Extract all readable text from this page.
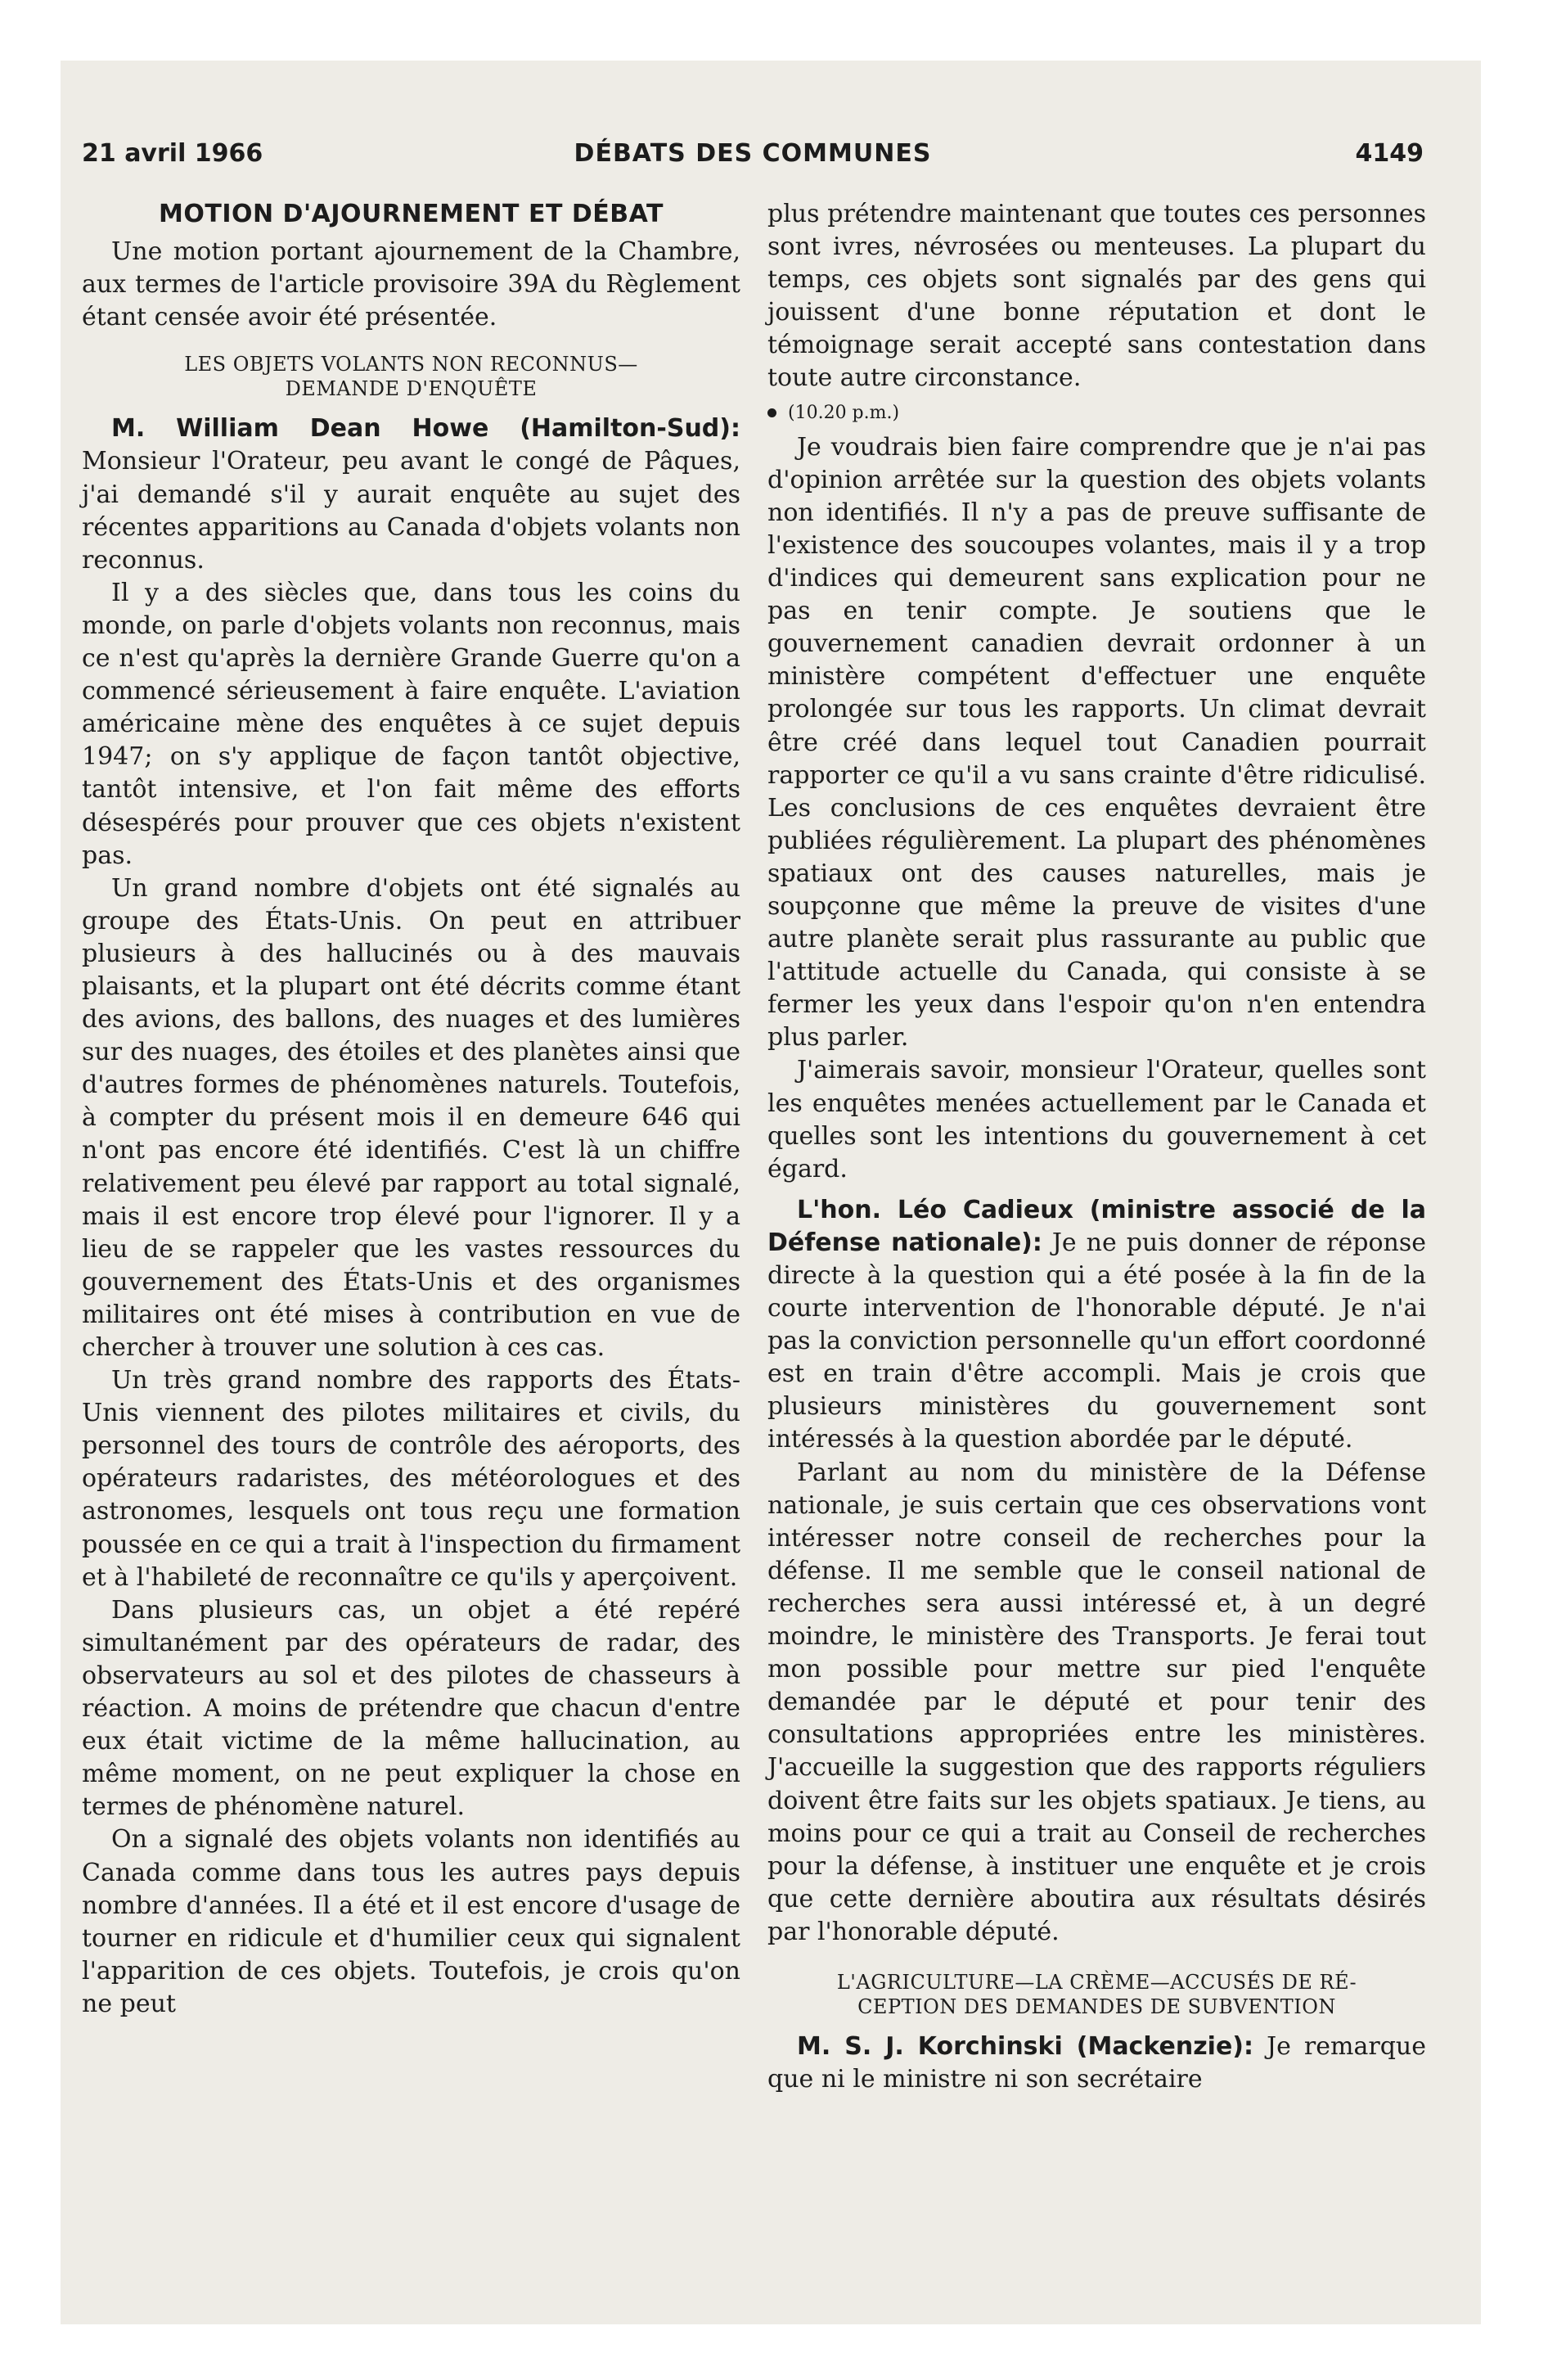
21 avril 1966	DÉBATS DES COMMUNES	4149
MOTION D'AJOURNEMENT ET DÉBAT

Une motion portant ajournement de la Chambre, aux termes de l'article provisoire 39A du Règlement étant censée avoir été présentée.

LES OBJETS VOLANTS NON RECONNUS—
DEMANDE D'ENQUÊTE

M. William Dean Howe (Hamilton-Sud): Monsieur l'Orateur, peu avant le congé de Pâques, j'ai demandé s'il y aurait enquête au sujet des récentes apparitions au Canada d'objets volants non reconnus.

Il y a des siècles que, dans tous les coins du monde, on parle d'objets volants non reconnus, mais ce n'est qu'après la dernière Grande Guerre qu'on a commencé sérieusement à faire enquête. L'aviation américaine mène des enquêtes à ce sujet depuis 1947; on s'y applique de façon tantôt objective, tantôt intensive, et l'on fait même des efforts désespérés pour prouver que ces objets n'existent pas.

Un grand nombre d'objets ont été signalés au groupe des États-Unis. On peut en attribuer plusieurs à des hallucinés ou à des mauvais plaisants, et la plupart ont été décrits comme étant des avions, des ballons, des nuages et des lumières sur des nuages, des étoiles et des planètes ainsi que d'autres formes de phénomènes naturels. Toutefois, à compter du présent mois il en demeure 646 qui n'ont pas encore été identifiés. C'est là un chiffre relativement peu élevé par rapport au total signalé, mais il est encore trop élevé pour l'ignorer. Il y a lieu de se rappeler que les vastes ressources du gouvernement des États-Unis et des organismes militaires ont été mises à contribution en vue de chercher à trouver une solution à ces cas.

Un très grand nombre des rapports des États-Unis viennent des pilotes militaires et civils, du personnel des tours de contrôle des aéroports, des opérateurs radaristes, des météorologues et des astronomes, lesquels ont tous reçu une formation poussée en ce qui a trait à l'inspection du firmament et à l'habileté de reconnaître ce qu'ils y aperçoivent.

Dans plusieurs cas, un objet a été repéré simultanément par des opérateurs de radar, des observateurs au sol et des pilotes de chasseurs à réaction. A moins de prétendre que chacun d'entre eux était victime de la même hallucination, au même moment, on ne peut expliquer la chose en termes de phénomène naturel.

On a signalé des objets volants non identifiés au Canada comme dans tous les autres pays depuis nombre d'années. Il a été et il est encore d'usage de tourner en ridicule et d'humilier ceux qui signalent l'apparition de ces objets. Toutefois, je crois qu'on ne peut

plus prétendre maintenant que toutes ces personnes sont ivres, névrosées ou menteuses. La plupart du temps, ces objets sont signalés par des gens qui jouissent d'une bonne réputation et dont le témoignage serait accepté sans contestation dans toute autre circonstance.

(10.20 p.m.)

Je voudrais bien faire comprendre que je n'ai pas d'opinion arrêtée sur la question des objets volants non identifiés. Il n'y a pas de preuve suffisante de l'existence des soucoupes volantes, mais il y a trop d'indices qui demeurent sans explication pour ne pas en tenir compte. Je soutiens que le gouvernement canadien devrait ordonner à un ministère compétent d'effectuer une enquête prolongée sur tous les rapports. Un climat devrait être créé dans lequel tout Canadien pourrait rapporter ce qu'il a vu sans crainte d'être ridiculisé. Les conclusions de ces enquêtes devraient être publiées régulièrement. La plupart des phénomènes spatiaux ont des causes naturelles, mais je soupçonne que même la preuve de visites d'une autre planète serait plus rassurante au public que l'attitude actuelle du Canada, qui consiste à se fermer les yeux dans l'espoir qu'on n'en entendra plus parler.

J'aimerais savoir, monsieur l'Orateur, quelles sont les enquêtes menées actuellement par le Canada et quelles sont les intentions du gouvernement à cet égard.

L'hon. Léo Cadieux (ministre associé de la Défense nationale): Je ne puis donner de réponse directe à la question qui a été posée à la fin de la courte intervention de l'honorable député. Je n'ai pas la conviction personnelle qu'un effort coordonné est en train d'être accompli. Mais je crois que plusieurs ministères du gouvernement sont intéressés à la question abordée par le député.

Parlant au nom du ministère de la Défense nationale, je suis certain que ces observations vont intéresser notre conseil de recherches pour la défense. Il me semble que le conseil national de recherches sera aussi intéressé et, à un degré moindre, le ministère des Transports. Je ferai tout mon possible pour mettre sur pied l'enquête demandée par le député et pour tenir des consultations appropriées entre les ministères. J'accueille la suggestion que des rapports réguliers doivent être faits sur les objets spatiaux. Je tiens, au moins pour ce qui a trait au Conseil de recherches pour la défense, à instituer une enquête et je crois que cette dernière aboutira aux résultats désirés par l'honorable député.

L'AGRICULTURE—LA CRÈME—ACCUSÉS DE RÉ-
CEPTION DES DEMANDES DE SUBVENTION

M. S. J. Korchinski (Mackenzie): Je remarque que ni le ministre ni son secrétaire
